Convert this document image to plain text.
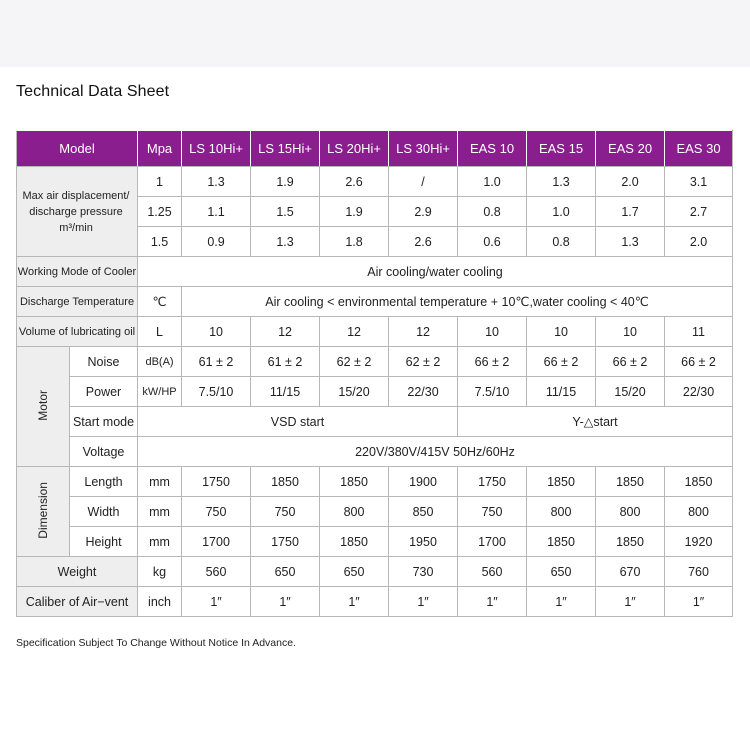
Technical Data Sheet
Model		Mpa	LS 10Hi+	LS 15Hi+	LS 20Hi+	LS 30Hi+	EAS 10	EAS 15	EAS 20	EAS 30

Max air displacement/
discharge pressure
m³/min		1	1.3	1.9	2.6	/	1.0	1.3	2.0	3.1
		1.25	1.1	1.5	1.9	2.9	0.8	1.0	1.7	2.7
		1.5	0.9	1.3	1.8	2.6	0.6	0.8	1.3	2.0
Working Mode of Cooler		Air cooling/water cooling								
Discharge Temperature		℃	Air cooling < environmental temperature + 10℃,water cooling < 40℃							
Volume of lubricating oil		L	10	12	12	12	10	10	10	11
Motor	Noise	dB(A)	61 ± 2	61 ± 2	62 ± 2	62 ± 2	66 ± 2	66 ± 2	66 ± 2	66 ± 2
	Power	kW/HP	7.5/10	11/15	15/20	22/30	7.5/10	11/15	15/20	22/30
	Start mode	VSD start					Y-△start			
	Voltage	220V/380V/415V 50Hz/60Hz								
Dimension	Length	mm	1750	1850	1850	1900	1750	1850	1850	1850
	Width	mm	750	750	800	850	750	800	800	800
	Height	mm	1700	1750	1850	1950	1700	1850	1850	1920
Weight		kg	560	650	650	730	560	650	670	760
Caliber of Air−vent		inch	1″	1″	1″	1″	1″	1″	1″	1″
Specification Subject To Change Without Notice In Advance.
